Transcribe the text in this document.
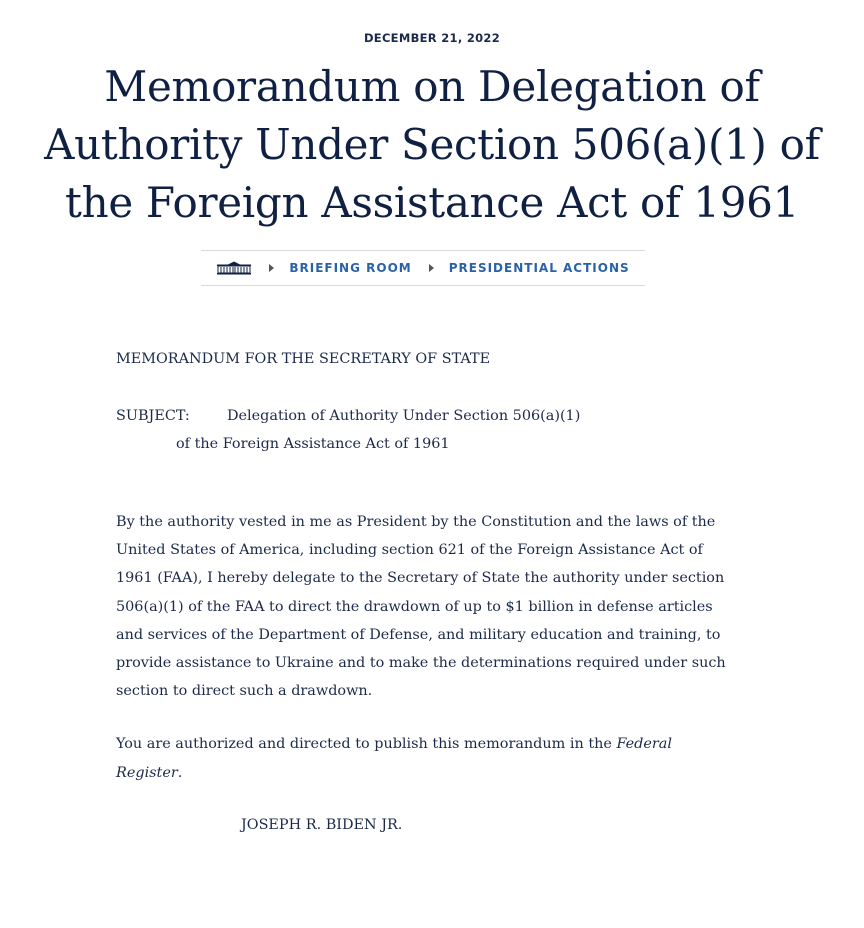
DECEMBER 21, 2022
Memorandum on Delegation of Authority Under Section 506(a)(1) of the Foreign Assistance Act of 1961
BRIEFING ROOM	PRESIDENTIAL ACTIONS
MEMORANDUM FOR THE SECRETARY OF STATE
SUBJECT:	Delegation of Authority Under Section 506(a)(1)
of the Foreign Assistance Act of 1961

By the authority vested in me as President by the Constitution and the laws of the United States of America, including section 621 of the Foreign Assistance Act of 1961 (FAA), I hereby delegate to the Secretary of State the authority under section 506(a)(1) of the FAA to direct the drawdown of up to $1 billion in defense articles and services of the Department of Defense, and military education and training, to provide assistance to Ukraine and to make the determinations required under such section to direct such a drawdown.

You are authorized and directed to publish this memorandum in the Federal Register.

JOSEPH R. BIDEN JR.
